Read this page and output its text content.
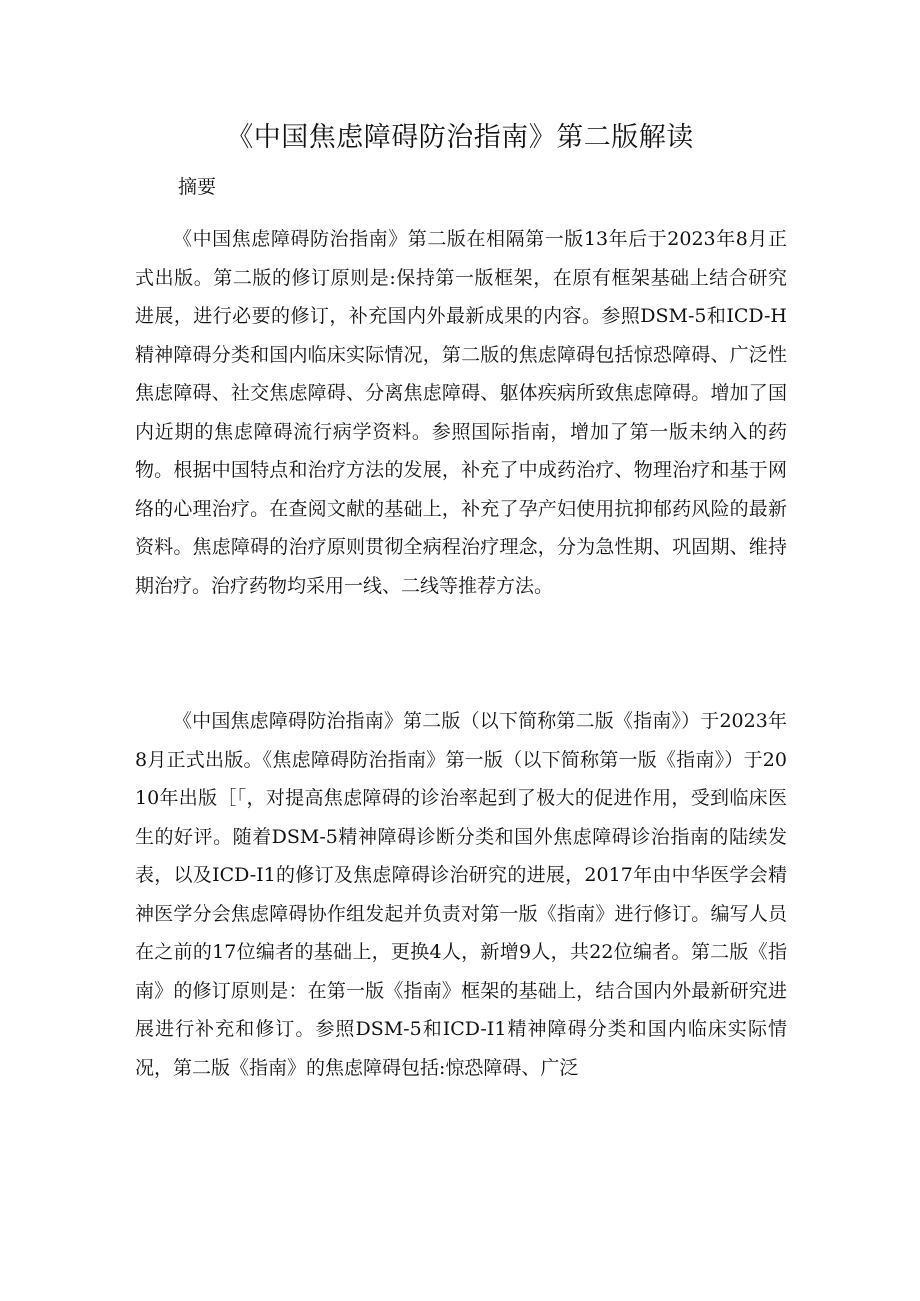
《中国焦虑障碍防治指南》第二版解读
摘要

《中国焦虑障碍防治指南》第二版在相隔第一版13年后于2023年8月正式出版。第二版的修订原则是:保持第一版框架，在原有框架基础上结合研究进展，进行必要的修订，补充国内外最新成果的内容。参照DSM-5和ICD-H精神障碍分类和国内临床实际情况，第二版的焦虑障碍包括惊恐障碍、广泛性焦虑障碍、社交焦虑障碍、分离焦虑障碍、躯体疾病所致焦虑障碍。增加了国内近期的焦虑障碍流行病学资料。参照国际指南，增加了第一版未纳入的药物。根据中国特点和治疗方法的发展，补充了中成药治疗、物理治疗和基于网络的心理治疗。在查阅文献的基础上，补充了孕产妇使用抗抑郁药风险的最新资料。焦虑障碍的治疗原则贯彻全病程治疗理念，分为急性期、巩固期、维持期治疗。治疗药物均采用一线、二线等推荐方法。

《中国焦虑障碍防治指南》第二版（以下简称第二版《指南》）于2023年8月正式出版。《焦虑障碍防治指南》第一版（以下简称第一版《指南》）于2010年出版［「，对提高焦虑障碍的诊治率起到了极大的促进作用，受到临床医生的好评。随着DSM-5精神障碍诊断分类和国外焦虑障碍诊治指南的陆续发表，以及ICD-I1的修订及焦虑障碍诊治研究的进展，2017年由中华医学会精神医学分会焦虑障碍协作组发起并负责对第一版《指南》进行修订。编写人员在之前的17位编者的基础上，更换4人，新增9人，共22位编者。第二版《指南》的修订原则是：在第一版《指南》框架的基础上，结合国内外最新研究进展进行补充和修订。参照DSM-5和ICD-I1精神障碍分类和国内临床实际情况，第二版《指南》的焦虑障碍包括:惊恐障碍、广泛
